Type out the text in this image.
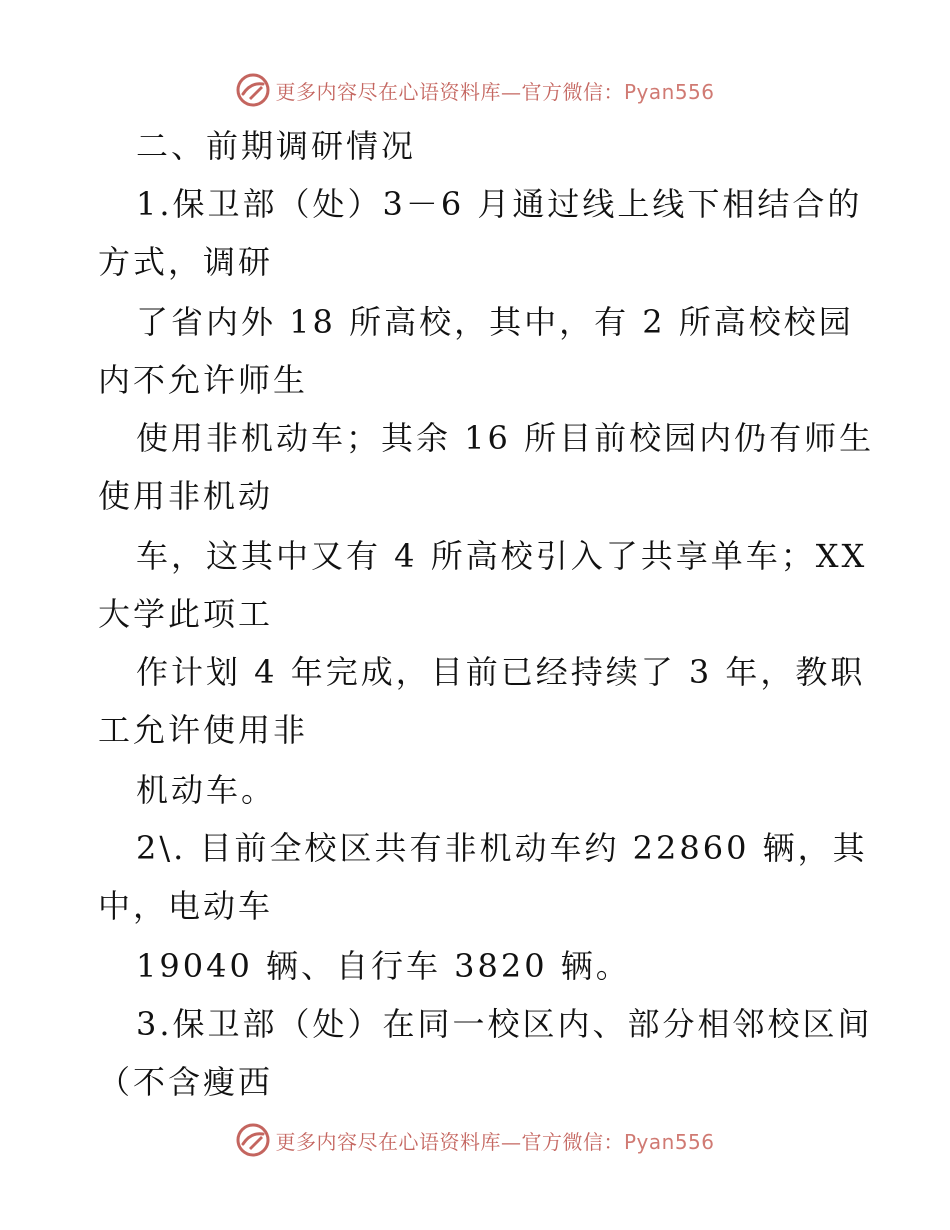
更多内容尽在心语资料库—官方微信：Pyan556
二、前期调研情况
1.保卫部（处）3－6 月通过线上线下相结合的
方式，调研
了省内外 18 所高校，其中，有 2 所高校校园
内不允许师生
使用非机动车；其余 16 所目前校园内仍有师生
使用非机动
车，这其中又有 4 所高校引入了共享单车；XX
大学此项工
作计划 4 年完成，目前已经持续了 3 年，教职
工允许使用非
机动车。
2\. 目前全校区共有非机动车约 22860 辆，其
中，电动车
19040 辆、自行车 3820 辆。
3.保卫部（处）在同一校区内、部分相邻校区间
（不含瘦西
更多内容尽在心语资料库—官方微信：Pyan556
